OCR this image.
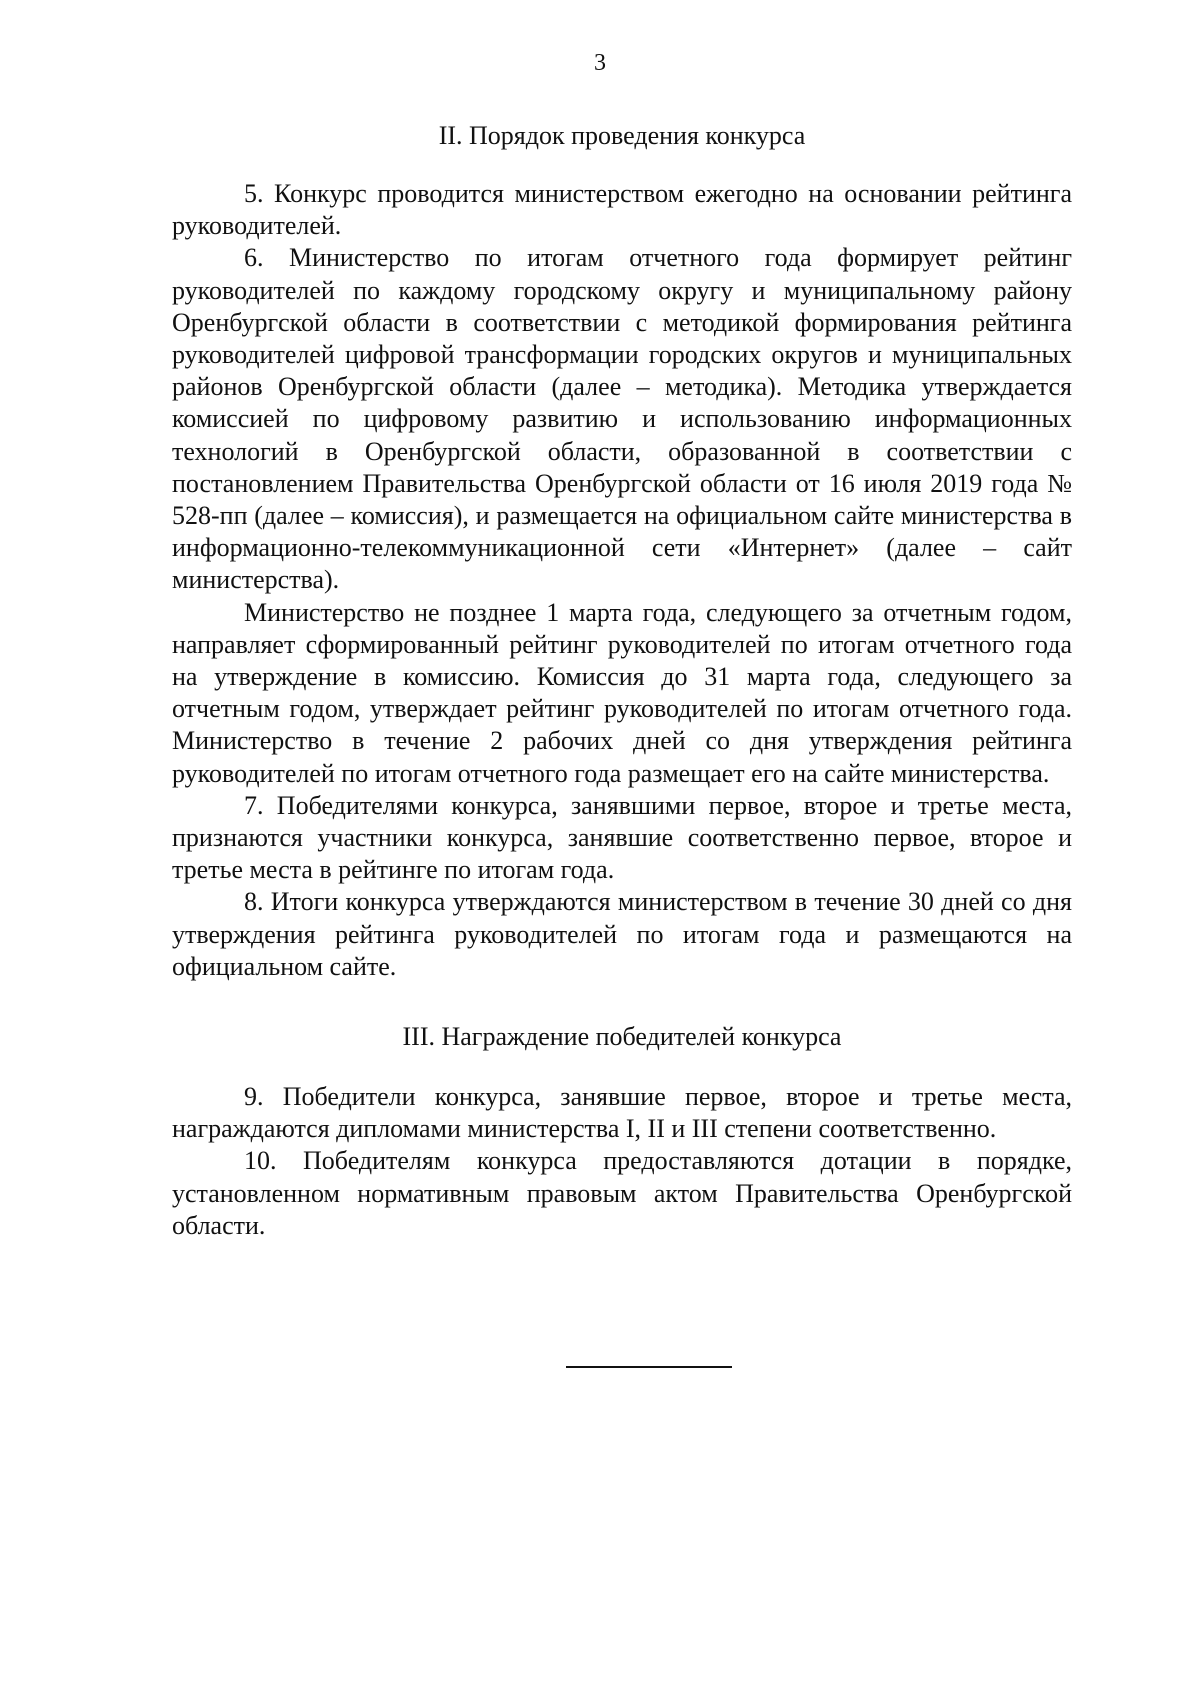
3
II. Порядок проведения конкурса

5. Конкурс проводится министерством ежегодно на основании рейтинга руководителей.

6. Министерство по итогам отчетного года формирует рейтинг руководителей по каждому городскому округу и муниципальному району Оренбургской области в соответствии с методикой формирования рейтинга руководителей цифровой трансформации городских округов и муниципальных районов Оренбургской области (далее – методика). Методика утверждается комиссией по цифровому развитию и использованию информационных технологий в Оренбургской области, образованной в соответствии с постановлением Правительства Оренбургской области от 16 июля 2019 года № 528-пп (далее – комиссия), и размещается на официальном сайте министерства в информационно-телекоммуникационной сети «Интернет» (далее – сайт министерства).

Министерство не позднее 1 марта года, следующего за отчетным годом, направляет сформированный рейтинг руководителей по итогам отчетного года на утверждение в комиссию. Комиссия до 31 марта года, следующего за отчетным годом, утверждает рейтинг руководителей по итогам отчетного года. Министерство в течение 2 рабочих дней со дня утверждения рейтинга руководителей по итогам отчетного года размещает его на сайте министерства.

7. Победителями конкурса, занявшими первое, второе и третье места, признаются участники конкурса, занявшие соответственно первое, второе и третье места в рейтинге по итогам года.

8. Итоги конкурса утверждаются министерством в течение 30 дней со дня утверждения рейтинга руководителей по итогам года и размещаются на официальном сайте.

III. Награждение победителей конкурса

9. Победители конкурса, занявшие первое, второе и третье места, награждаются дипломами министерства I, II и III степени соответственно.

10. Победителям конкурса предоставляются дотации в порядке, установленном нормативным правовым актом Правительства Оренбургской области.
